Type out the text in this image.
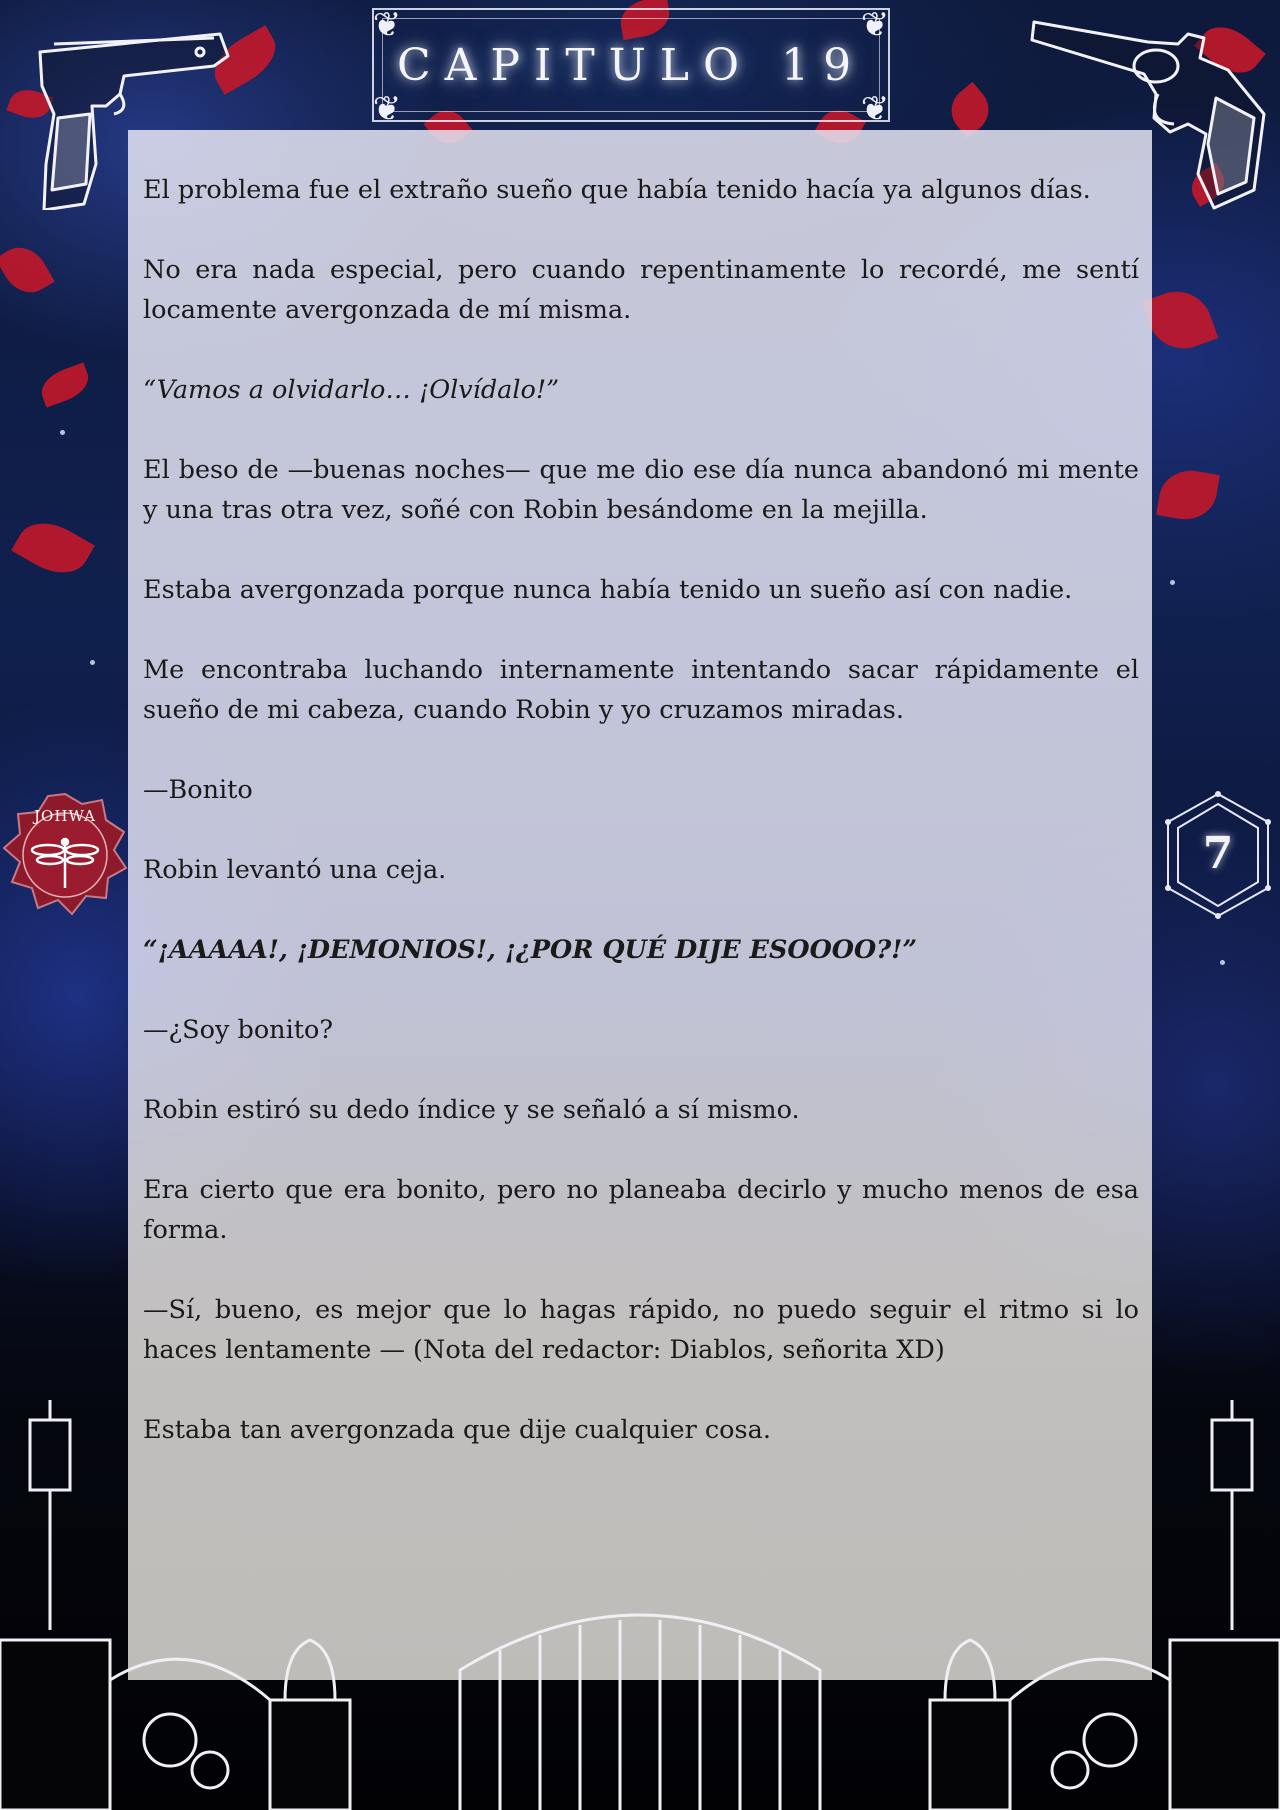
❦	❦
❦	❦
CAPITULO 19

El problema fue el extraño sueño que había tenido hacía ya algunos días.

No era nada especial, pero cuando repentinamente lo recordé, me sentí locamente avergonzada de mí misma.

“Vamos a olvidarlo… ¡Olvídalo!”

El beso de —buenas noches— que me dio ese día nunca abandonó mi mente y una tras otra vez, soñé con Robin besándome en la mejilla.

Estaba avergonzada porque nunca había tenido un sueño así con nadie.

Me encontraba luchando internamente intentando sacar rápidamente el sueño de mi cabeza, cuando Robin y yo cruzamos miradas.

—Bonito

Robin levantó una ceja.

“¡AAAAA!, ¡DEMONIOS!, ¡¿POR QUÉ DIJE ESOOOO?!”

—¿Soy bonito?

Robin estiró su dedo índice y se señaló a sí mismo.

Era cierto que era bonito, pero no planeaba decirlo y mucho menos de esa forma.

—Sí, bueno, es mejor que lo hagas rápido, no puedo seguir el ritmo si lo haces lentamente — (Nota del redactor: Diablos, señorita XD)

Estaba tan avergonzada que dije cualquier cosa.

JOHWA
7
